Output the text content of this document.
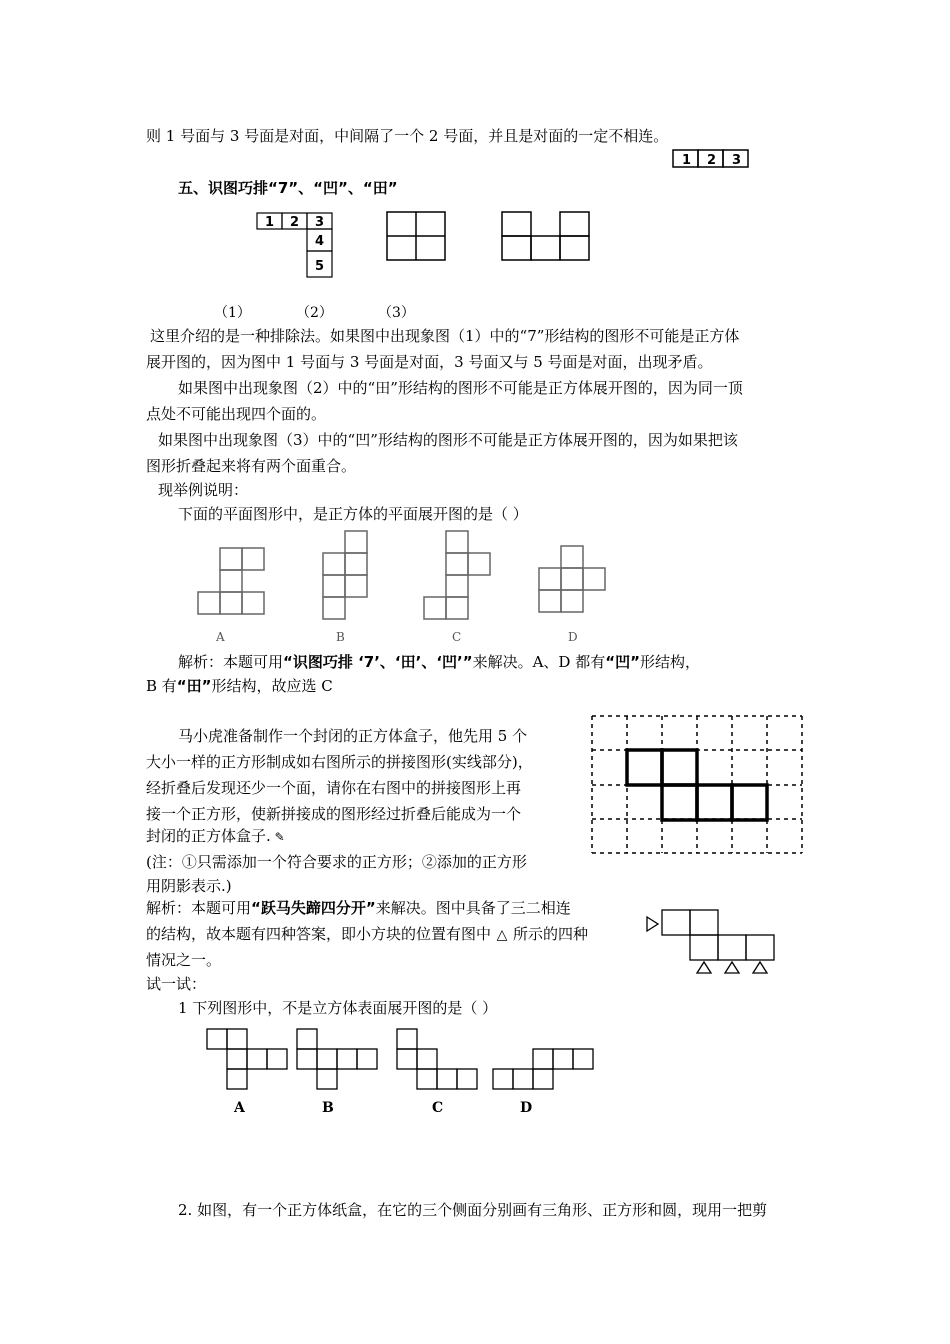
则 1 号面与 3 号面是对面，中间隔了一个 2 号面，并且是对面的一定不相连。
1 2 3
五、识图巧排“7”、“凹”、“田”
1 2 3
4
5
（1）	（2）	（3）
这里介绍的是一种排除法。如果图中出现象图（1）中的“7”形结构的图形不可能是正方体
展开图的，因为图中 1 号面与 3 号面是对面，3 号面又与 5 号面是对面，出现矛盾。
如果图中出现象图（2）中的“田”形结构的图形不可能是正方体展开图的，因为同一顶
点处不可能出现四个面的。
如果图中出现象图（3）中的“凹”形结构的图形不可能是正方体展开图的，因为如果把该
图形折叠起来将有两个面重合。
现举例说明：
下面的平面图形中，是正方体的平面展开图的是（ ）
A	B	C	D
解析：本题可用“识图巧排 ‘7’、‘田’、‘凹’”来解决。A、D 都有“凹”形结构，
B 有“田”形结构，故应选 C
马小虎准备制作一个封闭的正方体盒子，他先用 5 个
大小一样的正方形制成如右图所示的拼接图形(实线部分)，
经折叠后发现还少一个面，请你在右图中的拼接图形上再
接一个正方形，使新拼接成的图形经过折叠后能成为一个
封闭的正方体盒子. ✎
(注：①只需添加一个符合要求的正方形；②添加的正方形
用阴影表示.)
解析：本题可用“跃马失蹄四分开”来解决。图中具备了三二相连
的结构，故本题有四种答案，即小方块的位置有图中 △ 所示的四种
情况之一。
试一试：
1 下列图形中，不是立方体表面展开图的是（ ）
A	B	C	D
2. 如图，有一个正方体纸盒，在它的三个侧面分别画有三角形、正方形和圆，现用一把剪
